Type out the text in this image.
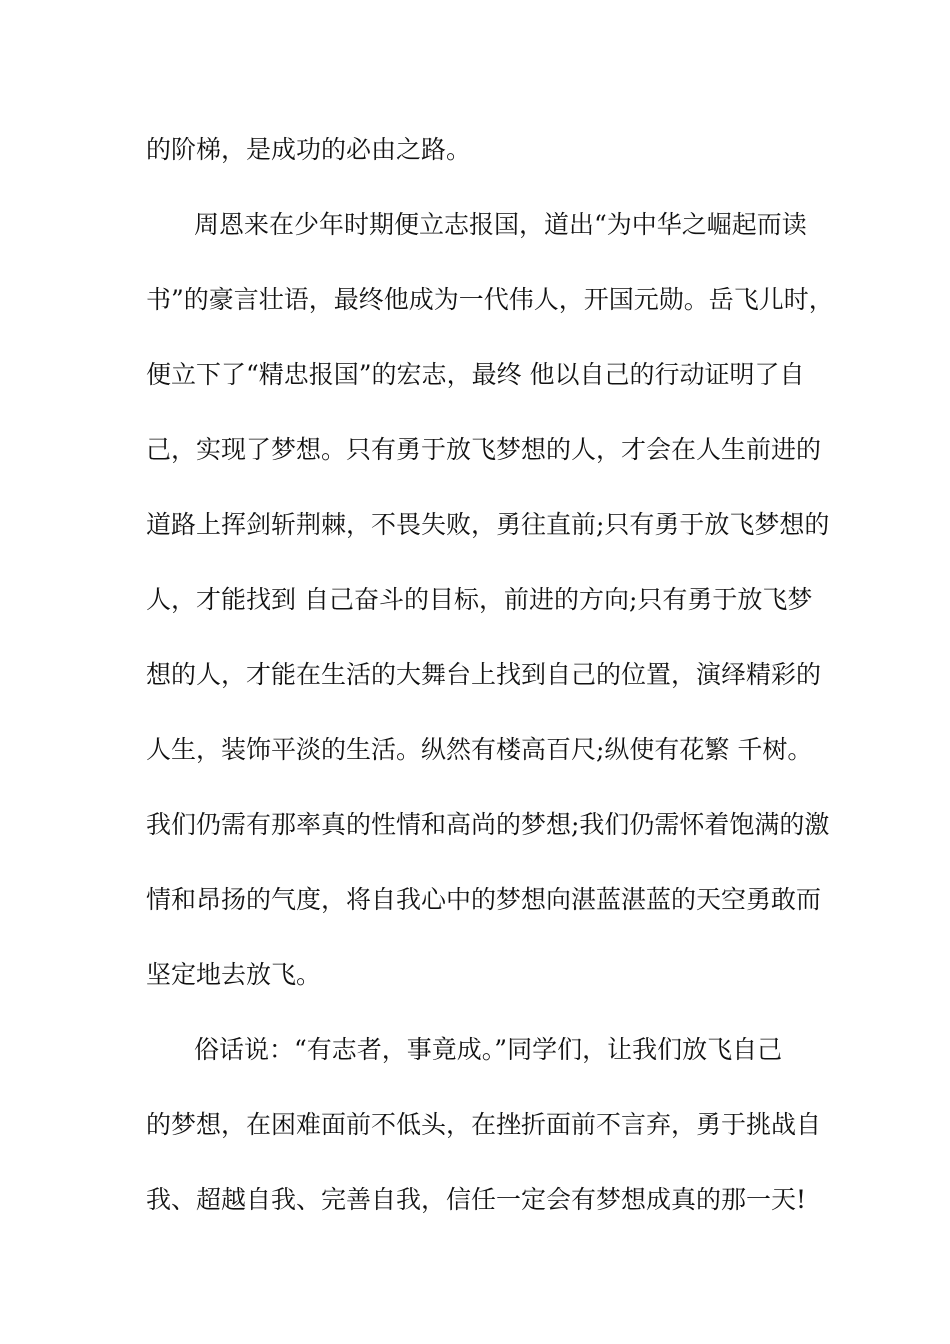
的阶梯，是成功的必由之路。

周恩来在少年时期便立志报国，道出“为中华之崛起而读

书”的豪言壮语，最终他成为一代伟人，开国元勋。岳飞儿时，

便立下了“精忠报国”的宏志，最终 他以自己的行动证明了自

己，实现了梦想。只有勇于放飞梦想的人，才会在人生前进的

道路上挥剑斩荆棘，不畏失败，勇往直前;只有勇于放飞梦想的

人，才能找到 自己奋斗的目标，前进的方向;只有勇于放飞梦

想的人，才能在生活的大舞台上找到自己的位置，演绎精彩的

人生，装饰平淡的生活。纵然有楼高百尺;纵使有花繁 千树。

我们仍需有那率真的性情和高尚的梦想;我们仍需怀着饱满的激

情和昂扬的气度，将自我心中的梦想向湛蓝湛蓝的天空勇敢而

坚定地去放飞。

俗话说：“有志者，事竟成。”同学们，让我们放飞自己

的梦想，在困难面前不低头，在挫折面前不言弃，勇于挑战自

我、超越自我、完善自我，信任一定会有梦想成真的那一天!
